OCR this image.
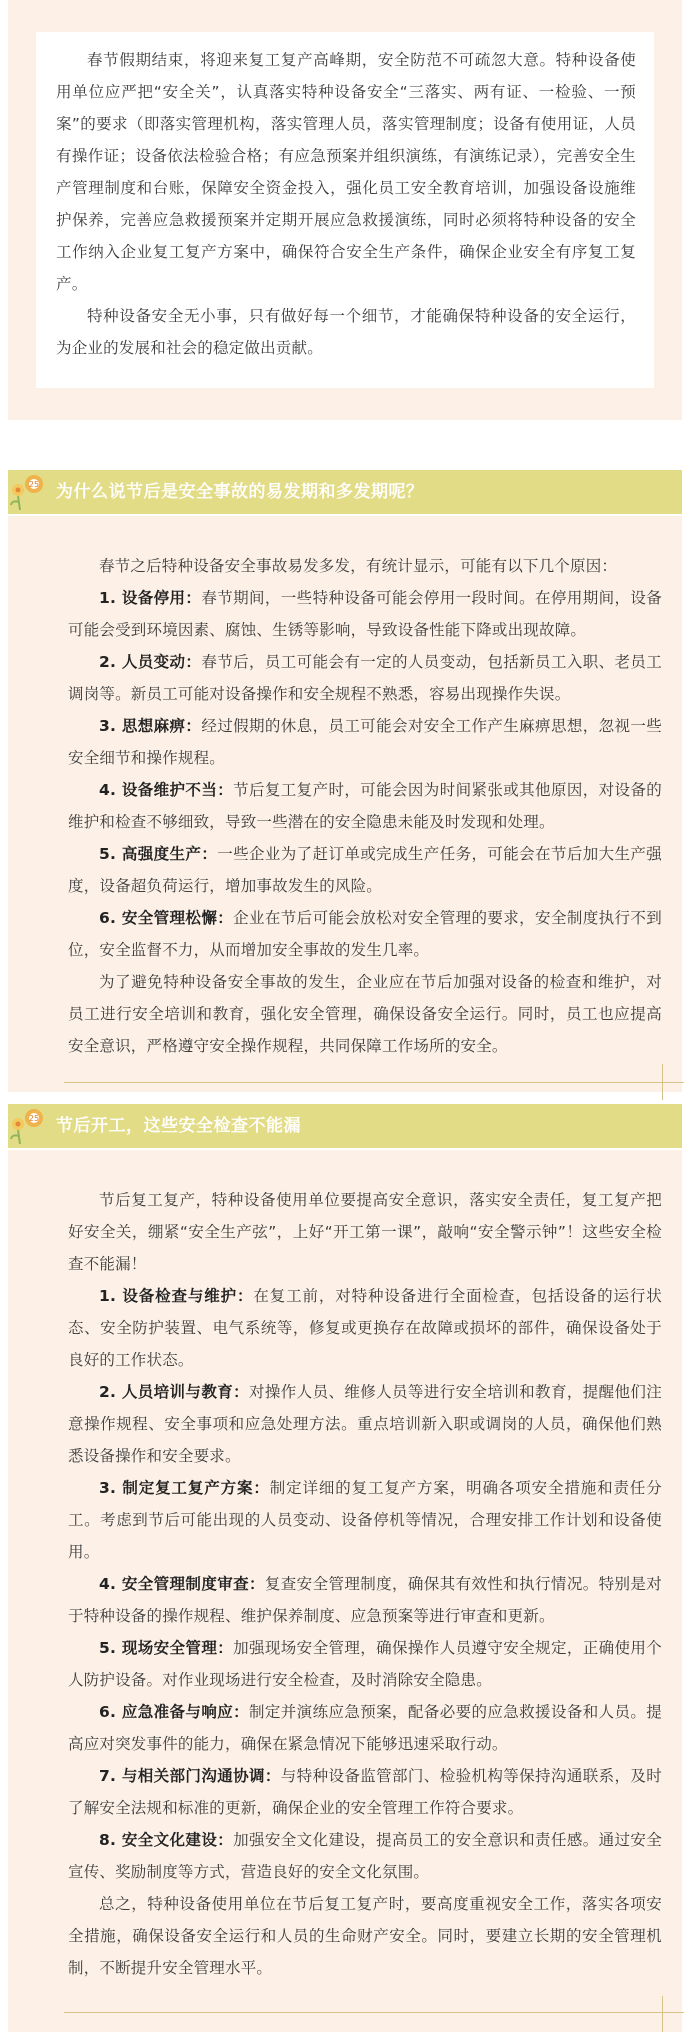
春节假期结束，将迎来复工复产高峰期，安全防范不可疏忽大意。特种设备使用单位应严把“安全关”，认真落实特种设备安全“三落实、两有证、一检验、一预案”的要求（即落实管理机构，落实管理人员，落实管理制度；设备有使用证，人员有操作证；设备依法检验合格；有应急预案并组织演练，有演练记录），完善安全生产管理制度和台账，保障安全资金投入，强化员工安全教育培训，加强设备设施维护保养，完善应急救援预案并定期开展应急救援演练，同时必须将特种设备的安全工作纳入企业复工复产方案中，确保符合安全生产条件，确保企业安全有序复工复产。

特种设备安全无小事，只有做好每一个细节，才能确保特种设备的安全运行，为企业的发展和社会的稳定做出贡献。

25 为什么说节后是安全事故的易发期和多发期呢？

春节之后特种设备安全事故易发多发，有统计显示，可能有以下几个原因：

1. 设备停用：春节期间，一些特种设备可能会停用一段时间。在停用期间，设备可能会受到环境因素、腐蚀、生锈等影响，导致设备性能下降或出现故障。

2. 人员变动：春节后，员工可能会有一定的人员变动，包括新员工入职、老员工调岗等。新员工可能对设备操作和安全规程不熟悉，容易出现操作失误。

3. 思想麻痹：经过假期的休息，员工可能会对安全工作产生麻痹思想，忽视一些安全细节和操作规程。

4. 设备维护不当：节后复工复产时，可能会因为时间紧张或其他原因，对设备的维护和检查不够细致，导致一些潜在的安全隐患未能及时发现和处理。

5. 高强度生产：一些企业为了赶订单或完成生产任务，可能会在节后加大生产强度，设备超负荷运行，增加事故发生的风险。

6. 安全管理松懈：企业在节后可能会放松对安全管理的要求，安全制度执行不到位，安全监督不力，从而增加安全事故的发生几率。

为了避免特种设备安全事故的发生，企业应在节后加强对设备的检查和维护，对员工进行安全培训和教育，强化安全管理，确保设备安全运行。同时，员工也应提高安全意识，严格遵守安全操作规程，共同保障工作场所的安全。

25 节后开工，这些安全检查不能漏

节后复工复产，特种设备使用单位要提高安全意识，落实安全责任，复工复产把好安全关，绷紧“安全生产弦”，上好“开工第一课”，敲响“安全警示钟”！这些安全检查不能漏！

1. 设备检查与维护：在复工前，对特种设备进行全面检查，包括设备的运行状态、安全防护装置、电气系统等，修复或更换存在故障或损坏的部件，确保设备处于良好的工作状态。

2. 人员培训与教育：对操作人员、维修人员等进行安全培训和教育，提醒他们注意操作规程、安全事项和应急处理方法。重点培训新入职或调岗的人员，确保他们熟悉设备操作和安全要求。

3. 制定复工复产方案：制定详细的复工复产方案，明确各项安全措施和责任分工。考虑到节后可能出现的人员变动、设备停机等情况，合理安排工作计划和设备使用。

4. 安全管理制度审查：复查安全管理制度，确保其有效性和执行情况。特别是对于特种设备的操作规程、维护保养制度、应急预案等进行审查和更新。

5. 现场安全管理：加强现场安全管理，确保操作人员遵守安全规定，正确使用个人防护设备。对作业现场进行安全检查，及时消除安全隐患。

6. 应急准备与响应：制定并演练应急预案，配备必要的应急救援设备和人员。提高应对突发事件的能力，确保在紧急情况下能够迅速采取行动。

7. 与相关部门沟通协调：与特种设备监管部门、检验机构等保持沟通联系，及时了解安全法规和标准的更新，确保企业的安全管理工作符合要求。

8. 安全文化建设：加强安全文化建设，提高员工的安全意识和责任感。通过安全宣传、奖励制度等方式，营造良好的安全文化氛围。

总之，特种设备使用单位在节后复工复产时，要高度重视安全工作，落实各项安全措施，确保设备安全运行和人员的生命财产安全。同时，要建立长期的安全管理机制，不断提升安全管理水平。
